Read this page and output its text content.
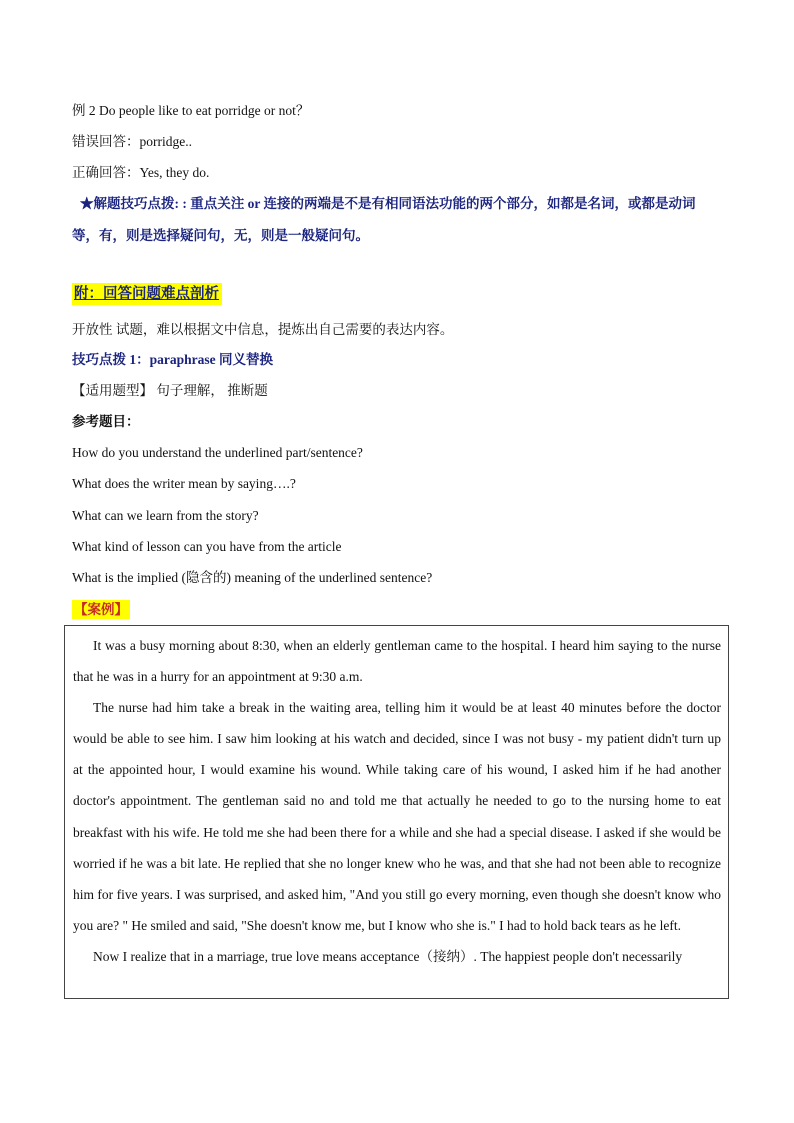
例 2 Do people like to eat porridge or not？
错误回答：porridge..
正确回答：Yes, they do.
★解题技巧点拨: : 重点关注 or 连接的两端是不是有相同语法功能的两个部分，如都是名词，或都是动词
等，有，则是选择疑问句，无，则是一般疑问句。
附：回答问题难点剖析
开放性 试题，难以根据文中信息，提炼出自己需要的表达内容。
技巧点拨 1：paraphrase 同义替换
【适用题型】 句子理解， 推断题
参考题目：
How do you understand the underlined part/sentence?
What does the writer mean by saying….?
What can we learn from the story?
What kind of lesson can you have from the article
What is the implied (隐含的) meaning of the underlined sentence?
【案例】

It was a busy morning about 8:30, when an elderly gentleman came to the hospital. I heard him saying to the nurse that he was in a hurry for an appointment at 9:30 a.m.

The nurse had him take a break in the waiting area, telling him it would be at least 40 minutes before the doctor would be able to see him. I saw him looking at his watch and decided, since I was not busy - my patient didn't turn up at the appointed hour, I would examine his wound. While taking care of his wound, I asked him if he had another doctor's appointment. The gentleman said no and told me that actually he needed to go to the nursing home to eat breakfast with his wife. He told me she had been there for a while and she had a special disease. I asked if she would be worried if he was a bit late. He replied that she no longer knew who he was, and that she had not been able to recognize him for five years. I was surprised, and asked him, "And you still go every morning, even though she doesn't know who you are? " He smiled and said, "She doesn't know me, but I know who she is." I had to hold back tears as he left.

Now I realize that in a marriage, true love means acceptance（接纳）. The happiest people don't necessarily
